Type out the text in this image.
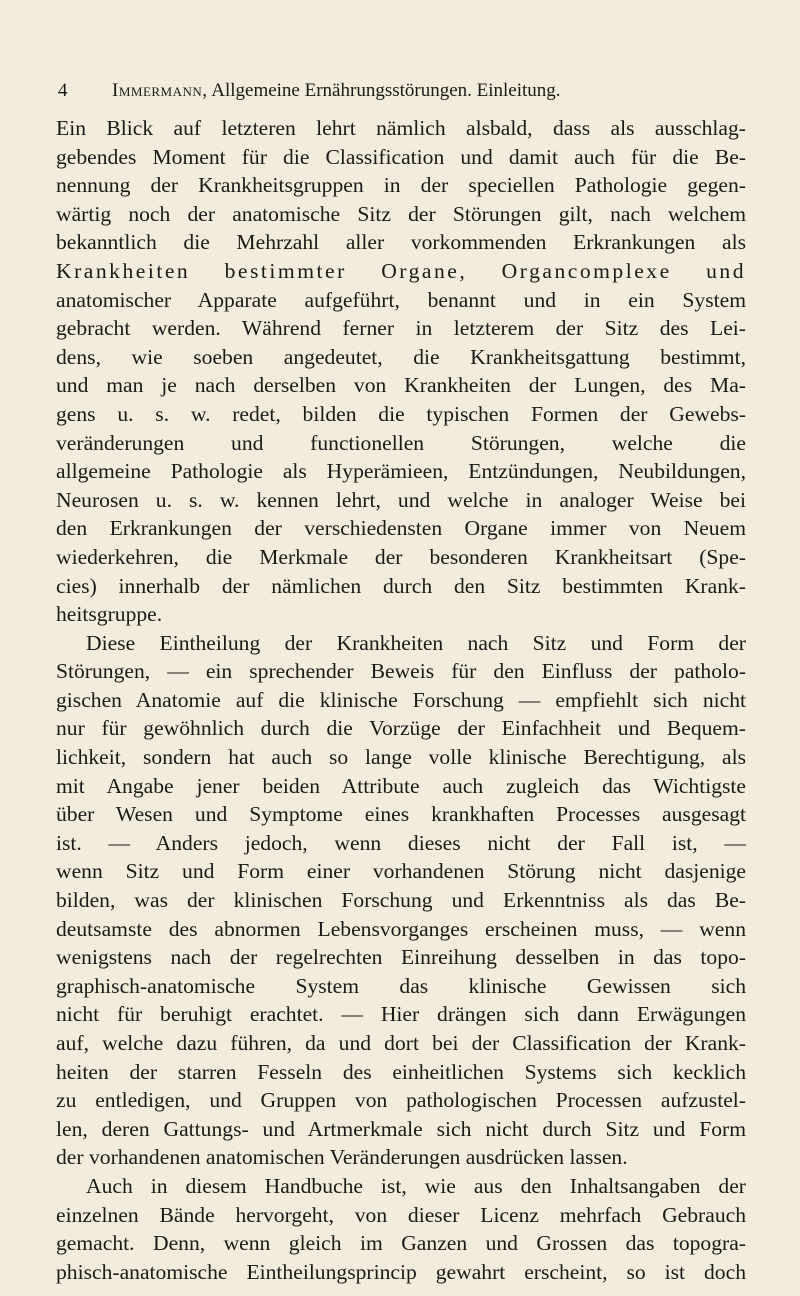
4 Immermann, Allgemeine Ernährungsstörungen. Einleitung.
Ein Blick auf letzteren lehrt nämlich alsbald, dass als ausschlag-
gebendes Moment für die Classification und damit auch für die Be-
nennung der Krankheitsgruppen in der speciellen Pathologie gegen-
wärtig noch der anatomische Sitz der Störungen gilt, nach welchem
bekanntlich die Mehrzahl aller vorkommenden Erkrankungen als
Krankheiten bestimmter Organe, Organcomplexe und
anatomischer Apparate aufgeführt, benannt und in ein System
gebracht werden. Während ferner in letzterem der Sitz des Lei-
dens, wie soeben angedeutet, die Krankheitsgattung bestimmt,
und man je nach derselben von Krankheiten der Lungen, des Ma-
gens u. s. w. redet, bilden die typischen Formen der Gewebs-
veränderungen und functionellen Störungen, welche die
allgemeine Pathologie als Hyperämieen, Entzündungen, Neubildungen,
Neurosen u. s. w. kennen lehrt, und welche in analoger Weise bei
den Erkrankungen der verschiedensten Organe immer von Neuem
wiederkehren, die Merkmale der besonderen Krankheitsart (Spe-
cies) innerhalb der nämlichen durch den Sitz bestimmten Krank-
heitsgruppe.
Diese Eintheilung der Krankheiten nach Sitz und Form der
Störungen, — ein sprechender Beweis für den Einfluss der patholo-
gischen Anatomie auf die klinische Forschung — empfiehlt sich nicht
nur für gewöhnlich durch die Vorzüge der Einfachheit und Bequem-
lichkeit, sondern hat auch so lange volle klinische Berechtigung, als
mit Angabe jener beiden Attribute auch zugleich das Wichtigste
über Wesen und Symptome eines krankhaften Processes ausgesagt
ist. — Anders jedoch, wenn dieses nicht der Fall ist, —
wenn Sitz und Form einer vorhandenen Störung nicht dasjenige
bilden, was der klinischen Forschung und Erkenntniss als das Be-
deutsamste des abnormen Lebensvorganges erscheinen muss, — wenn
wenigstens nach der regelrechten Einreihung desselben in das topo-
graphisch-anatomische System das klinische Gewissen sich
nicht für beruhigt erachtet. — Hier drängen sich dann Erwägungen
auf, welche dazu führen, da und dort bei der Classification der Krank-
heiten der starren Fesseln des einheitlichen Systems sich kecklich
zu entledigen, und Gruppen von pathologischen Processen aufzustel-
len, deren Gattungs- und Artmerkmale sich nicht durch Sitz und Form
der vorhandenen anatomischen Veränderungen ausdrücken lassen.
Auch in diesem Handbuche ist, wie aus den Inhaltsangaben der
einzelnen Bände hervorgeht, von dieser Licenz mehrfach Gebrauch
gemacht. Denn, wenn gleich im Ganzen und Grossen das topogra-
phisch-anatomische Eintheilungsprincip gewahrt erscheint, so ist doch
